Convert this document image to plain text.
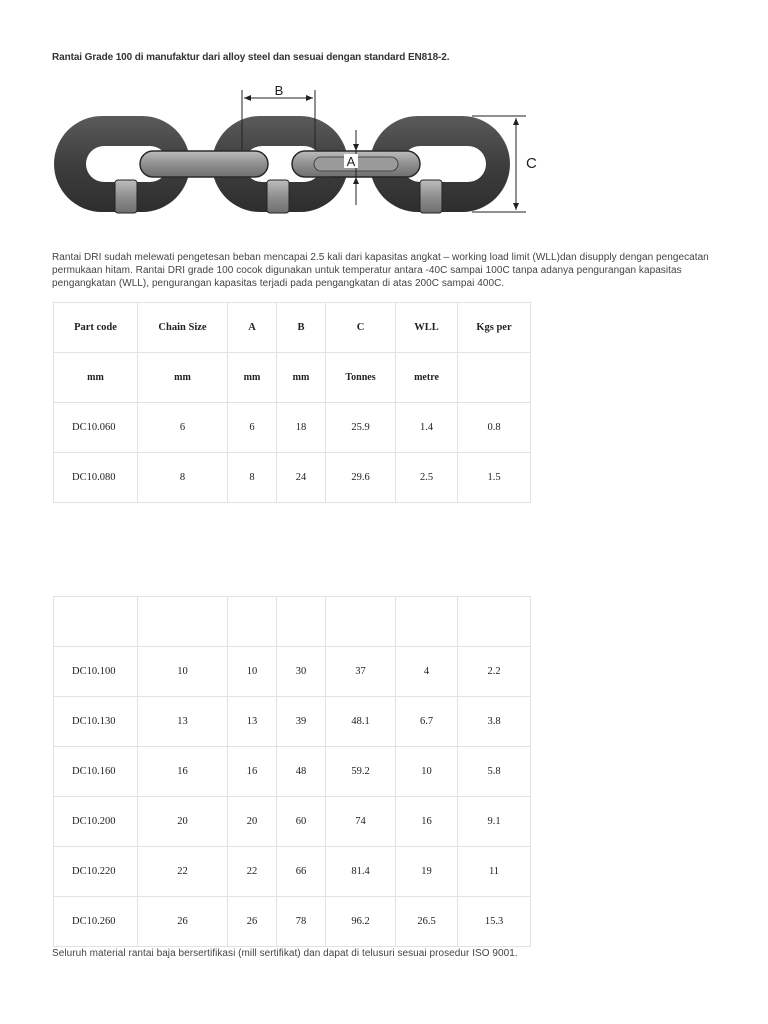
Rantai Grade 100 di manufaktur dari alloy steel dan sesuai dengan standard EN818-2.
B
A	C
Rantai DRI sudah melewati pengetesan beban mencapai 2.5 kali dari kapasitas angkat – working load limit (WLL)dan disupply dengan pengecatan permukaan hitam. Rantai DRI grade 100 cocok digunakan untuk temperatur antara -40C sampai 100C tanpa adanya pengurangan kapasitas pengangkatan (WLL), pengurangan kapasitas terjadi pada pengangkatan di atas 200C sampai 400C.
Part code	Chain Size	A	B	C	WLL	Kgs per
mm	mm	mm	mm	Tonnes	metre	
DC10.060	6	6	18	25.9	1.4	0.8
DC10.080	8	8	24	29.6	2.5	1.5

DC10.100	10	10	30	37	4	2.2
DC10.130	13	13	39	48.1	6.7	3.8
DC10.160	16	16	48	59.2	10	5.8
DC10.200	20	20	60	74	16	9.1
DC10.220	22	22	66	81.4	19	11
DC10.260	26	26	78	96.2	26.5	15.3
Seluruh material rantai baja bersertifikasi (mill sertifikat) dan dapat di telusuri sesuai prosedur ISO 9001.
